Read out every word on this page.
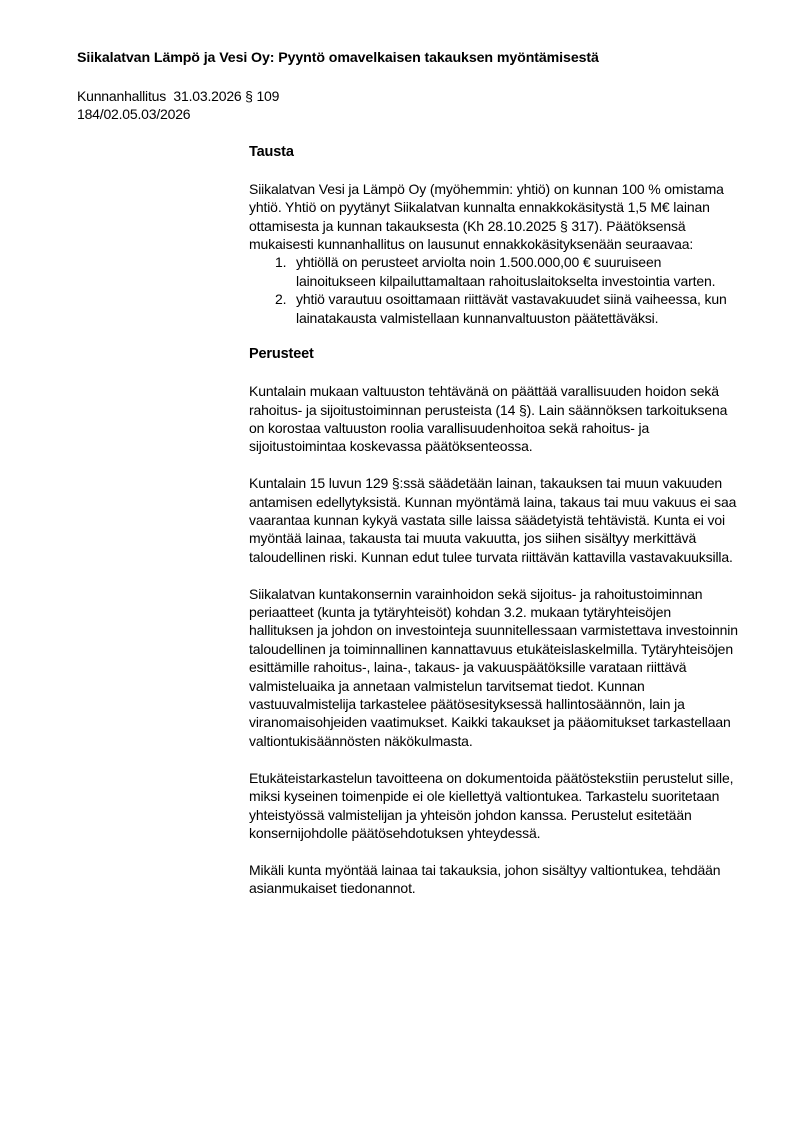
Siikalatvan Lämpö ja Vesi Oy: Pyyntö omavelkaisen takauksen myöntämisestä
Kunnanhallitus  31.03.2026 § 109
184/02.05.03/2026
Tausta
Siikalatvan Vesi ja Lämpö Oy (myöhemmin: yhtiö) on kunnan 100 % omistama yhtiö. Yhtiö on pyytänyt Siikalatvan kunnalta ennakkokäsitystä 1,5 M€ lainan ottamisesta ja kunnan takauksesta (Kh 28.10.2025 § 317). Päätöksensä mukaisesti kunnanhallitus on lausunut ennakkokäsityksenään seuraavaa:
1. yhtiöllä on perusteet arviolta noin 1.500.000,00 € suuruiseen lainoitukseen kilpailuttamaltaan rahoituslaitokselta investointia varten.
2. yhtiö varautuu osoittamaan riittävät vastavakuudet siinä vaiheessa, kun lainatakausta valmistellaan kunnanvaltuuston päätettäväksi.
Perusteet
Kuntalain mukaan valtuuston tehtävänä on päättää varallisuuden hoidon sekä rahoitus- ja sijoitustoiminnan perusteista (14 §). Lain säännöksen tarkoituksena on korostaa valtuuston roolia varallisuudenhoitoa sekä rahoitus- ja sijoitustoimintaa koskevassa päätöksenteossa.
Kuntalain 15 luvun 129 §:ssä säädetään lainan, takauksen tai muun vakuuden antamisen edellytyksistä. Kunnan myöntämä laina, takaus tai muu vakuus ei saa vaarantaa kunnan kykyä vastata sille laissa säädetyistä tehtävistä. Kunta ei voi myöntää lainaa, takausta tai muuta vakuutta, jos siihen sisältyy merkittävä taloudellinen riski. Kunnan edut tulee turvata riittävän kattavilla vastavakuuksilla.
Siikalatvan kuntakonsernin varainhoidon sekä sijoitus- ja rahoitustoiminnan periaatteet (kunta ja tytäryhteisöt) kohdan 3.2. mukaan tytäryhteisöjen hallituksen ja johdon on investointeja suunnitellessaan varmistettava investoinnin taloudellinen ja toiminnallinen kannattavuus etukäteislaskelmilla. Tytäryhteisöjen esittämille rahoitus-, laina-, takaus- ja vakuuspäätöksille varataan riittävä valmisteluaika ja annetaan valmistelun tarvitsemat tiedot. Kunnan vastuuvalmistelija tarkastelee päätösesityksessä hallintosäännön, lain ja viranomaisohjeiden vaatimukset. Kaikki takaukset ja pääomitukset tarkastellaan valtiontukisäännösten näkökulmasta.
Etukäteistarkastelun tavoitteena on dokumentoida päätöstekstiin perustelut sille, miksi kyseinen toimenpide ei ole kiellettyä valtiontukea. Tarkastelu suoritetaan yhteistyössä valmistelijan ja yhteisön johdon kanssa. Perustelut esitetään konsernijohdolle päätösehdotuksen yhteydessä.
Mikäli kunta myöntää lainaa tai takauksia, johon sisältyy valtiontukea, tehdään asianmukaiset tiedonannot.
